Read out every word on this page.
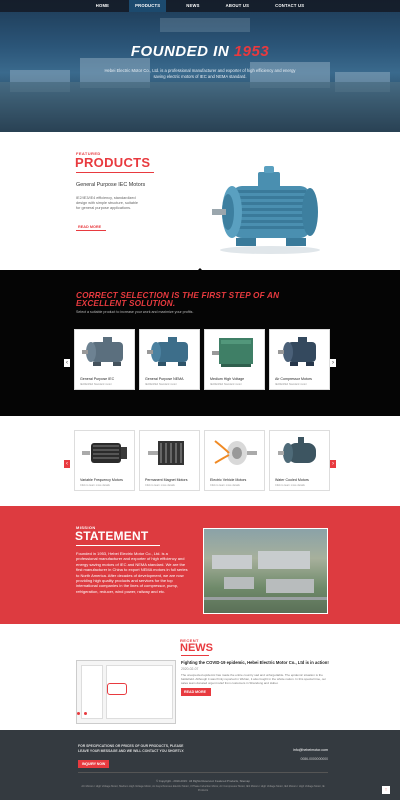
FOUNDED IN 1953
Hebei Electric Motor Co., Ltd. is a professional manufacturer and exporter of high efficiency and energy saving electric motors of IEC and NEMA standard.
HOME	PRODUCTS	NEWS	ABOUT US	CONTACT US
FEATURED
PRODUCTS
General Purpose IEC Motors
IE2/IE3/IE4 efficiency, standardized design with simple structure, suitable for general purpose applications.
READ MORE
CORRECT SELECTION IS THE FIRST STEP OF AN EXCELLENT SOLUTION.
Select a suitable product to increase your work and maximize your profits.
‹	›
General Purpose IEC
IE2/IE3/IE4 Standard motor
General Purpose NEMA
IE2/IE3/IE4 Standard motor
Medium High Voltage
IE2/IE3/IE4 Standard motor
Air Compressor Motors
IE2/IE3/IE4 Standard motor
‹	›
Variable Frequency Motors
Click to learn more details
Permanent Magnet Motors
Click to learn more details
Electric Vehicle Motors
Click to learn more details
Water Cooled Motors
Click to learn more details
MISSION
STATEMENT
Founded in 1953, Hebei Electric Motor Co., Ltd. is a professional manufacturer and exporter of high efficiency and energy saving motors of IEC and NEMA standard. We are the first manufacturer in China to export NEMA motors in full series to North America. After decades of development, we are now providing high quality products and services for the top international companies in the lines of compressor, pump, refrigeration, reducer, wind power, railway and etc.
RECENT
NEWS
Fighting the COVID-19 epidemic, Hebei Electric Motor Co., Ltd is in action!
2020-02-07
The unexpected epidemic has made the entire country sad and unforgettable. The epidemic situation is the battlefield. Although it was firmly reported in Wuhan, it also fought in the whole nation. In this special time, our sales team donated urgent relief from customers in Shandong and Hubei.
READ MORE
FOR SPECIFICATIONS OR PRICES OF OUR PRODUCTS, PLEASE LEAVE YOUR MESSAGE AND WE WILL CONTACT YOU SHORTLY.
INQUIRY NOW
info@hebeimotor.com
0086-0000000000
© Copyright - 2010-2019 : All Rights Reserved. Featured Products, Sitemap
AC Motors / High Voltage Motor, Medium High Voltage Motor, Ac Asynchronous Electric Motor, 3 Phase Induction Motor, Air Compressor Motor, IE3 Motors / High Voltage Motor, IE4 Motors / High Voltage Motor, IE Products	↑
